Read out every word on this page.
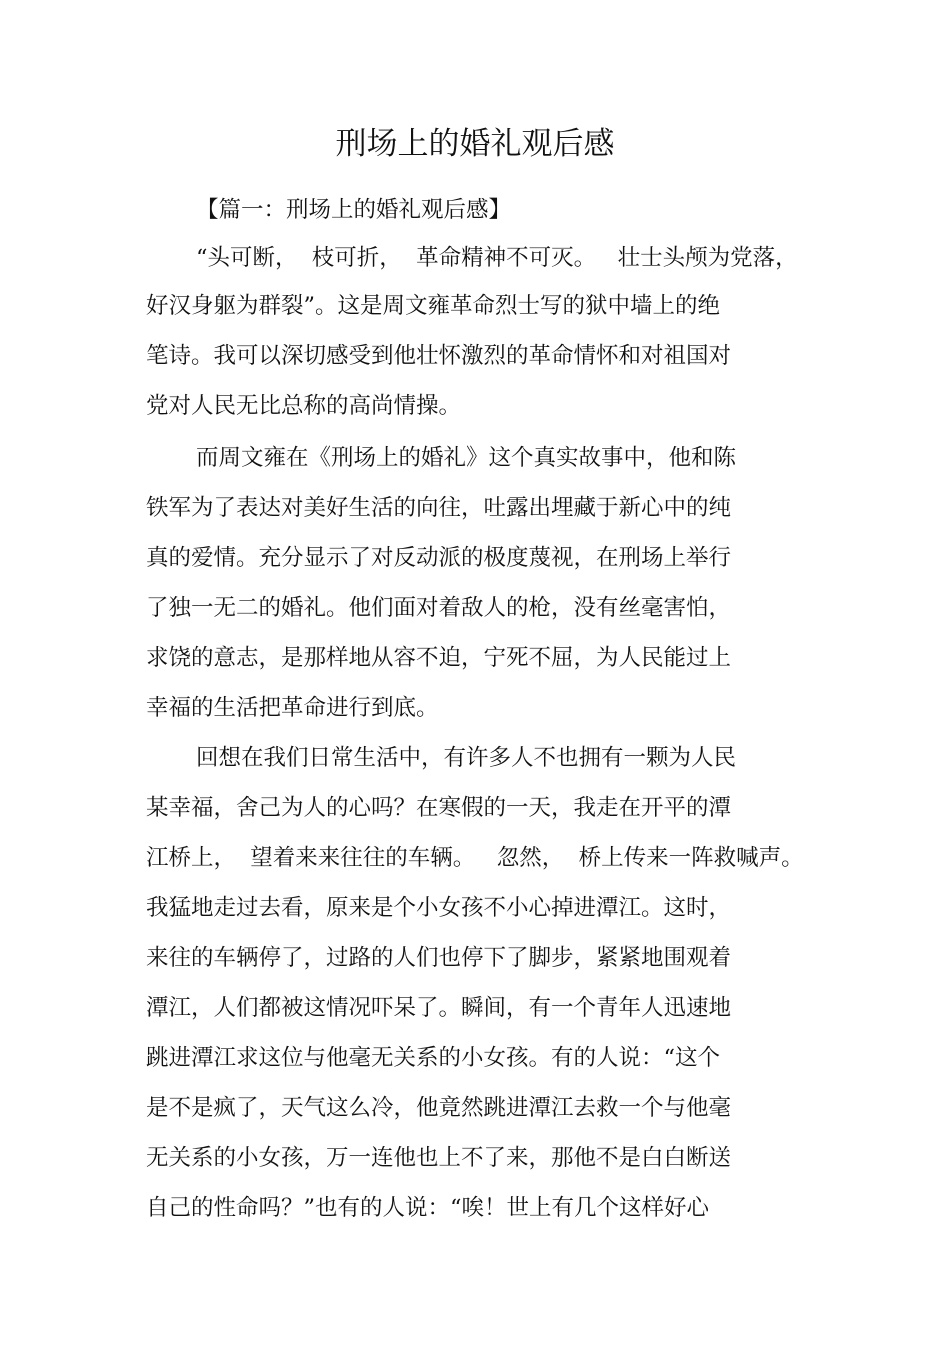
刑场上的婚礼观后感

【篇一：刑场上的婚礼观后感】

“头可断，  枝可折，  革命精神不可灭。   壮士头颅为党落，

好汉身躯为群裂”。这是周文雍革命烈士写的狱中墙上的绝

笔诗。我可以深切感受到他壮怀激烈的革命情怀和对祖国对

党对人民无比总称的高尚情操。

而周文雍在《刑场上的婚礼》这个真实故事中，他和陈

铁军为了表达对美好生活的向往，吐露出埋藏于新心中的纯

真的爱情。充分显示了对反动派的极度蔑视，在刑场上举行

了独一无二的婚礼。他们面对着敌人的枪，没有丝毫害怕，

求饶的意志，是那样地从容不迫，宁死不屈，为人民能过上

幸福的生活把革命进行到底。

回想在我们日常生活中，有许多人不也拥有一颗为人民

某幸福，舍己为人的心吗？在寒假的一天，我走在开平的潭

江桥上，  望着来来往往的车辆。   忽然，  桥上传来一阵救喊声。

我猛地走过去看，原来是个小女孩不小心掉进潭江。这时，

来往的车辆停了，过路的人们也停下了脚步，紧紧地围观着

潭江，人们都被这情况吓呆了。瞬间，有一个青年人迅速地

跳进潭江求这位与他毫无关系的小女孩。有的人说：“这个

是不是疯了，天气这么冷，他竟然跳进潭江去救一个与他毫

无关系的小女孩，万一连他也上不了来，那他不是白白断送

自己的性命吗？”也有的人说：“唉！世上有几个这样好心
